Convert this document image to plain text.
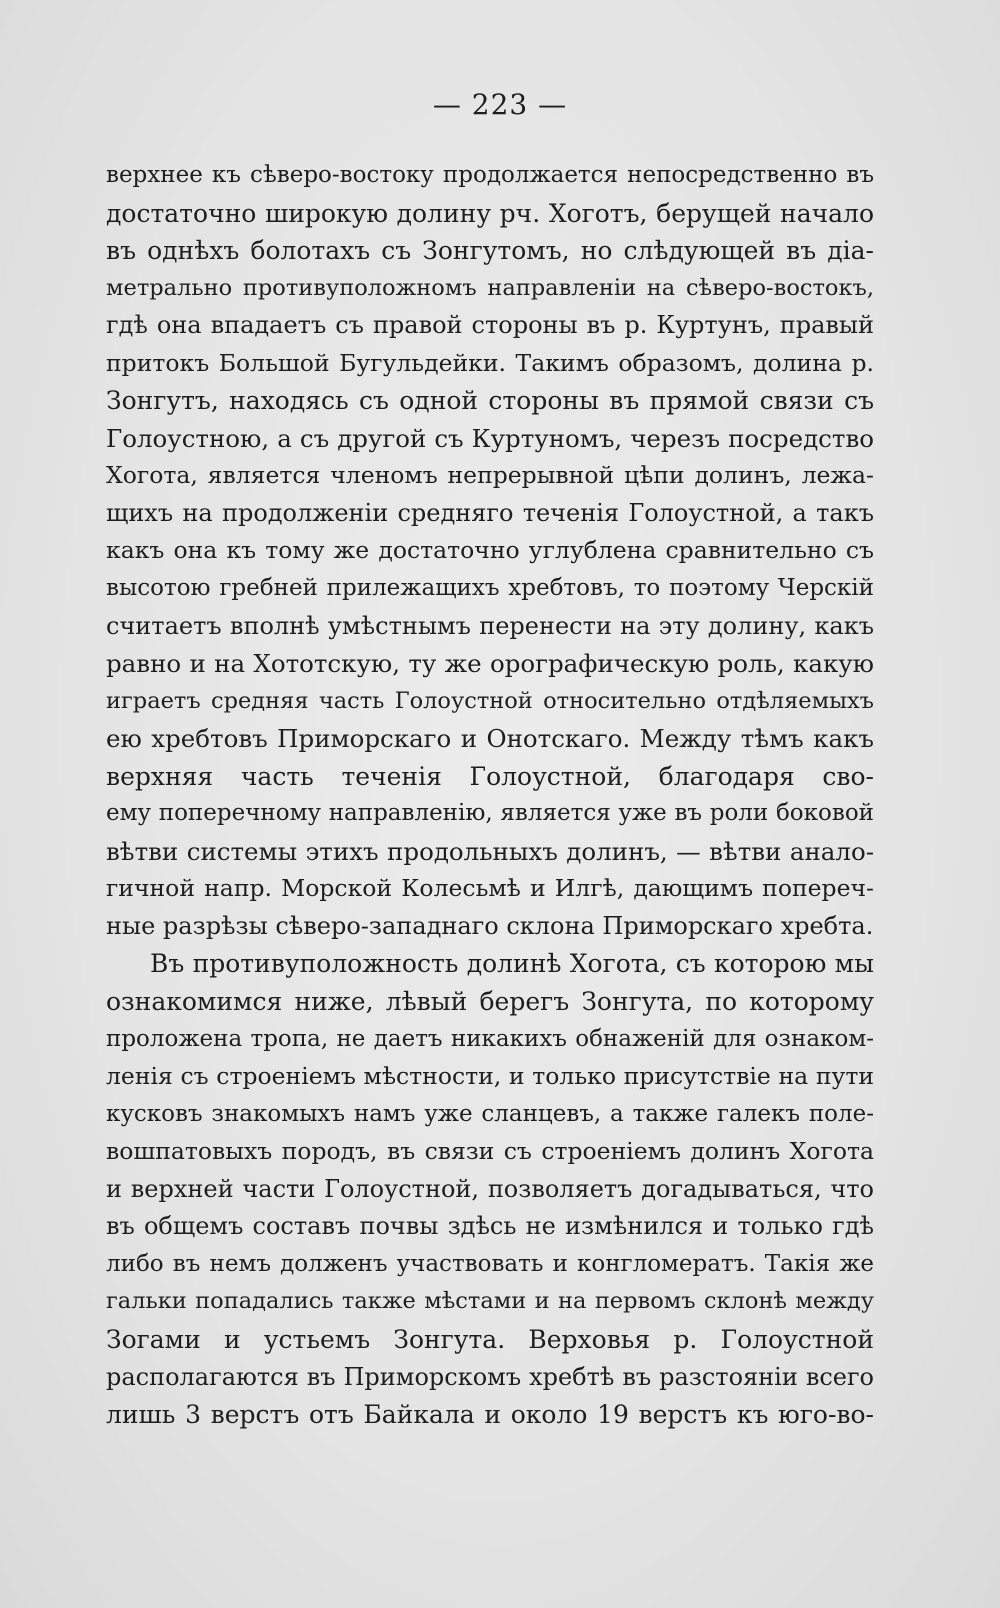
— 223 —
верхнее къ сѣверо-востоку продолжается непосредственно въ
достаточно широкую долину рч. Хоготъ, берущей начало
въ однѣхъ болотахъ съ Зонгутомъ, но слѣдующей въ діа-
метрально противуположномъ направленіи на сѣверо-востокъ,
гдѣ она впадаетъ съ правой стороны въ р. Куртунъ, правый
притокъ Большой Бугульдейки. Такимъ образомъ, долина р.
Зонгутъ, находясь съ одной стороны въ прямой связи съ
Голоустною, а съ другой съ Куртуномъ, черезъ посредство
Хогота, является членомъ непрерывной цѣпи долинъ, лежа-
щихъ на продолженіи средняго теченія Голоустной, а такъ
какъ она къ тому же достаточно углублена сравнительно съ
высотою гребней прилежащихъ хребтовъ, то поэтому Черскій
считаетъ вполнѣ умѣстнымъ перенести на эту долину, какъ
равно и на Хототскую, ту же орографическую роль, какую
играетъ средняя часть Голоустной относительно отдѣляемыхъ
ею хребтовъ Приморскаго и Онотскаго. Между тѣмъ какъ
верхняя часть теченія Голоустной, благодаря сво-
ему поперечному направленію, является уже въ роли боковой
вѣтви системы этихъ продольныхъ долинъ, — вѣтви анало-
гичной напр. Морской Колесьмѣ и Илгѣ, дающимъ попереч-
ные разрѣзы сѣверо-западнаго склона Приморскаго хребта.
Въ противуположность долинѣ Хогота, съ которою мы
ознакомимся ниже, лѣвый берегъ Зонгута, по которому
проложена тропа, не даетъ никакихъ обнаженій для ознаком-
ленія съ строеніемъ мѣстности, и только присутствіе на пути
кусковъ знакомыхъ намъ уже сланцевъ, а также галекъ поле-
вошпатовыхъ породъ, въ связи съ строеніемъ долинъ Хогота
и верхней части Голоустной, позволяетъ догадываться, что
въ общемъ составъ почвы здѣсь не измѣнился и только гдѣ
либо въ немъ долженъ участвовать и конгломератъ. Такія же
гальки попадались также мѣстами и на первомъ склонѣ между
Зогами и устьемъ Зонгута. Верховья р. Голоустной
располагаются въ Приморскомъ хребтѣ въ разстояніи всего
лишь 3 верстъ отъ Байкала и около 19 верстъ къ юго-во-
